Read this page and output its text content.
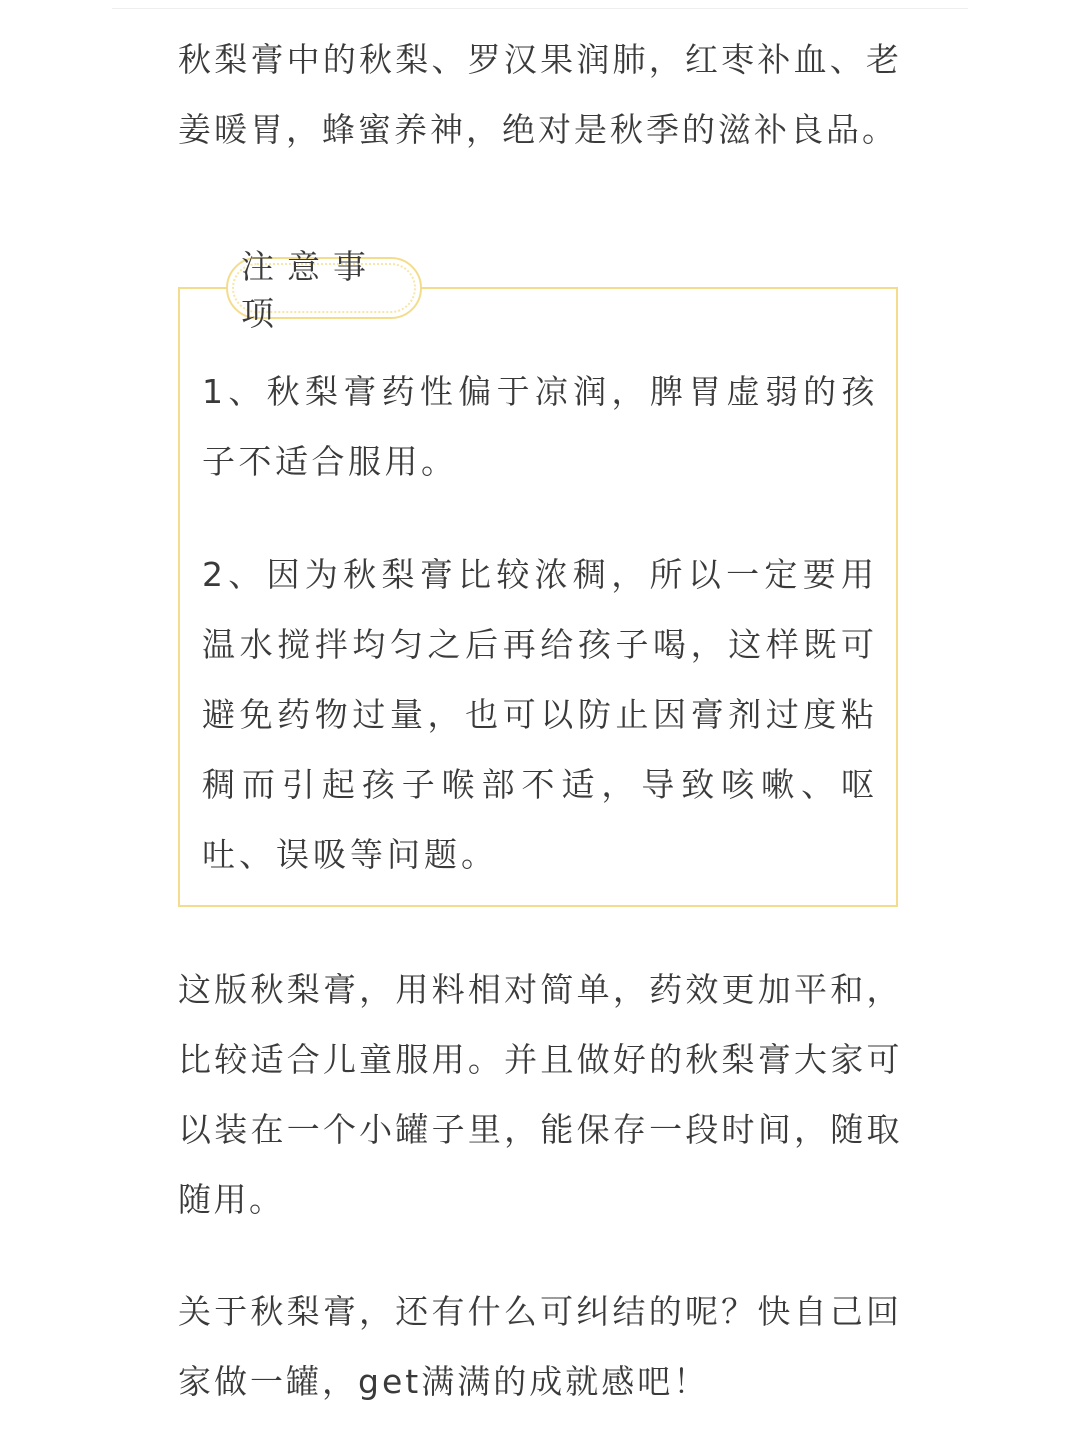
秋梨膏中的秋梨、罗汉果润肺，红枣补血、老姜暖胃，蜂蜜养神，绝对是秋季的滋补良品。

注意事项

1、秋梨膏药性偏于凉润，脾胃虚弱的孩子不适合服用。

2、因为秋梨膏比较浓稠，所以一定要用温水搅拌均匀之后再给孩子喝，这样既可避免药物过量，也可以防止因膏剂过度粘稠而引起孩子喉部不适，导致咳嗽、呕吐、误吸等问题。

这版秋梨膏，用料相对简单，药效更加平和，比较适合儿童服用。并且做好的秋梨膏大家可以装在一个小罐子里，能保存一段时间，随取随用。

关于秋梨膏，还有什么可纠结的呢？快自己回家做一罐，get满满的成就感吧！
